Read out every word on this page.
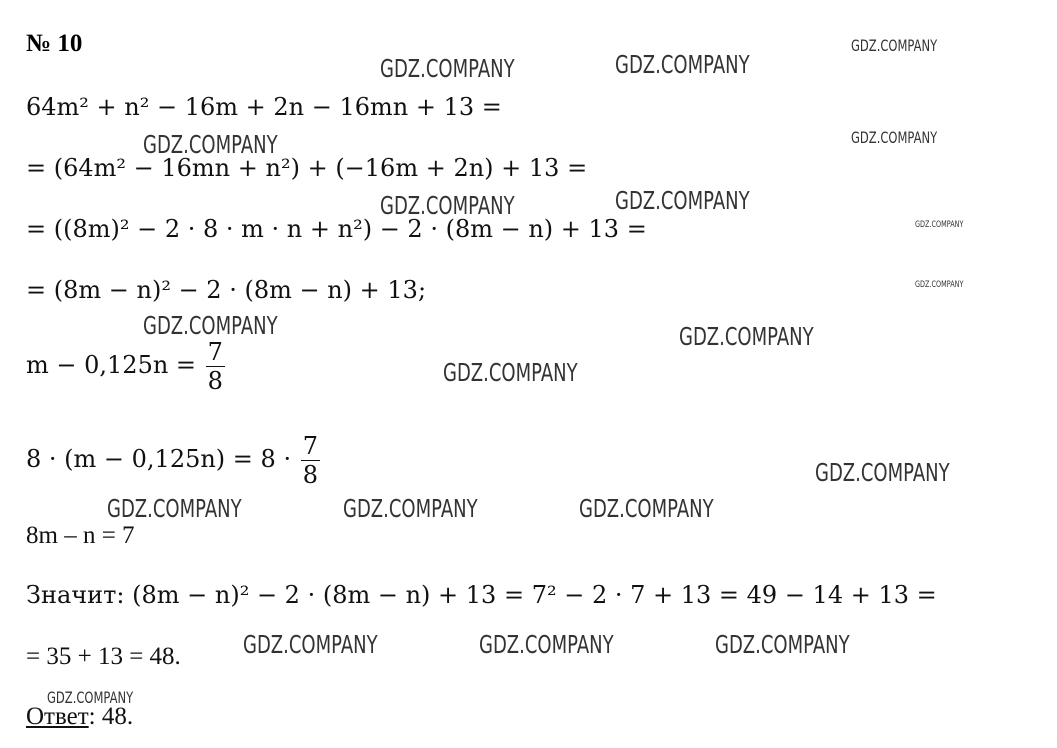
№ 10
64m² + n² − 16m + 2n − 16mn + 13 =
= (64m² − 16mn + n²) + (−16m + 2n) + 13 =
= ((8m)² − 2 · 8 · m · n + n²) − 2 · (8m − n) + 13 =
= (8m − n)² − 2 · (8m − n) + 13;
$m - 0,125n = \frac{7}{8}$
$8 \cdot (m - 0,125n) = 8 \cdot \frac{7}{8}$
8m – n = 7
Значит: (8m − n)² − 2 · (8m − n) + 13 = 7² − 2 · 7 + 13 = 49 − 14 + 13 =
= 35 + 13 = 48.
Ответ: 48.
GDZ.COMPANY	GDZ.COMPANY
GDZ.COMPANY
GDZ.COMPANY	GDZ.COMPANY
GDZ.COMPANY	GDZ.COMPANY
GDZ.COMPANY
GDZ.COMPANY
GDZ.COMPANY	GDZ.COMPANY
GDZ.COMPANY
GDZ.COMPANY
GDZ.COMPANY	GDZ.COMPANY	GDZ.COMPANY
GDZ.COMPANY	GDZ.COMPANY	GDZ.COMPANY
GDZ.COMPANY
